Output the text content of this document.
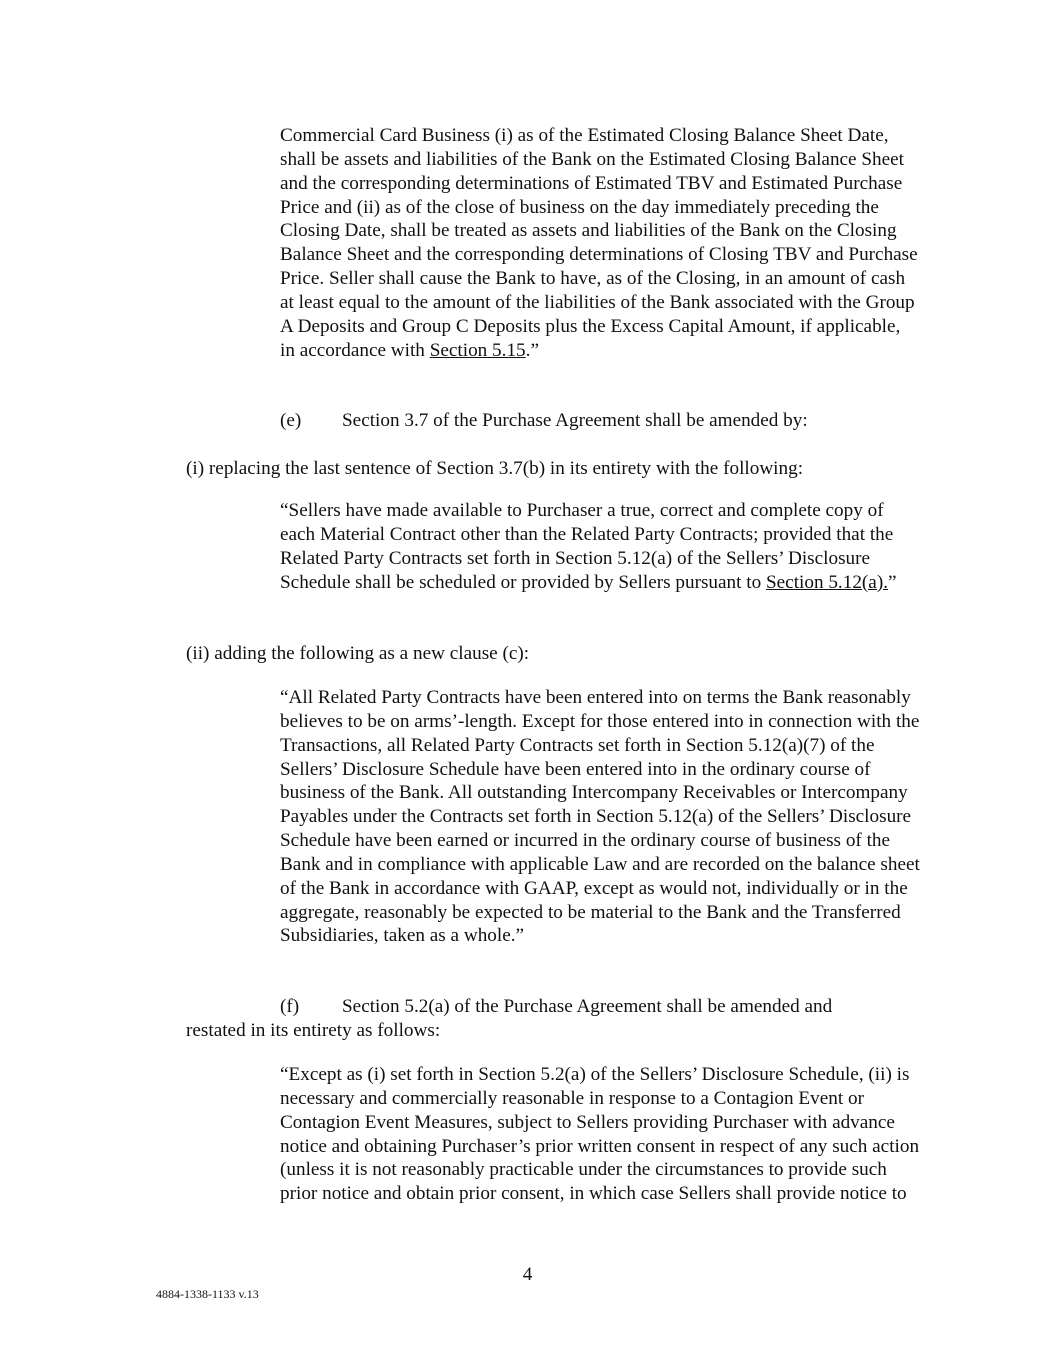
Commercial Card Business (i) as of the Estimated Closing Balance Sheet Date, shall be assets and liabilities of the Bank on the Estimated Closing Balance Sheet and the corresponding determinations of Estimated TBV and Estimated Purchase Price and (ii) as of the close of business on the day immediately preceding the Closing Date, shall be treated as assets and liabilities of the Bank on the Closing Balance Sheet and the corresponding determinations of Closing TBV and Purchase Price. Seller shall cause the Bank to have, as of the Closing, in an amount of cash at least equal to the amount of the liabilities of the Bank associated with the Group A Deposits and Group C Deposits plus the Excess Capital Amount, if applicable, in accordance with Section 5.15.”

(e) Section 3.7 of the Purchase Agreement shall be amended by:
(i) replacing the last sentence of Section 3.7(b) in its entirety with the following:

“Sellers have made available to Purchaser a true, correct and complete copy of each Material Contract other than the Related Party Contracts; provided that the Related Party Contracts set forth in Section 5.12(a) of the Sellers’ Disclosure Schedule shall be scheduled or provided by Sellers pursuant to Section 5.12(a).”

(ii) adding the following as a new clause (c):

“All Related Party Contracts have been entered into on terms the Bank reasonably believes to be on arms’-length. Except for those entered into in connection with the Transactions, all Related Party Contracts set forth in Section 5.12(a)(7) of the Sellers’ Disclosure Schedule have been entered into in the ordinary course of business of the Bank. All outstanding Intercompany Receivables or Intercompany Payables under the Contracts set forth in Section 5.12(a) of the Sellers’ Disclosure Schedule have been earned or incurred in the ordinary course of business of the Bank and in compliance with applicable Law and are recorded on the balance sheet of the Bank in accordance with GAAP, except as would not, individually or in the aggregate, reasonably be expected to be material to the Bank and the Transferred Subsidiaries, taken as a whole.”

(f) Section 5.2(a) of the Purchase Agreement shall be amended and
restated in its entirety as follows:

“Except as (i) set forth in Section 5.2(a) of the Sellers’ Disclosure Schedule, (ii) is necessary and commercially reasonable in response to a Contagion Event or Contagion Event Measures, subject to Sellers providing Purchaser with advance notice and obtaining Purchaser’s prior written consent in respect of any such action (unless it is not reasonably practicable under the circumstances to provide such prior notice and obtain prior consent, in which case Sellers shall provide notice to

4
4884-1338-1133 v.13
